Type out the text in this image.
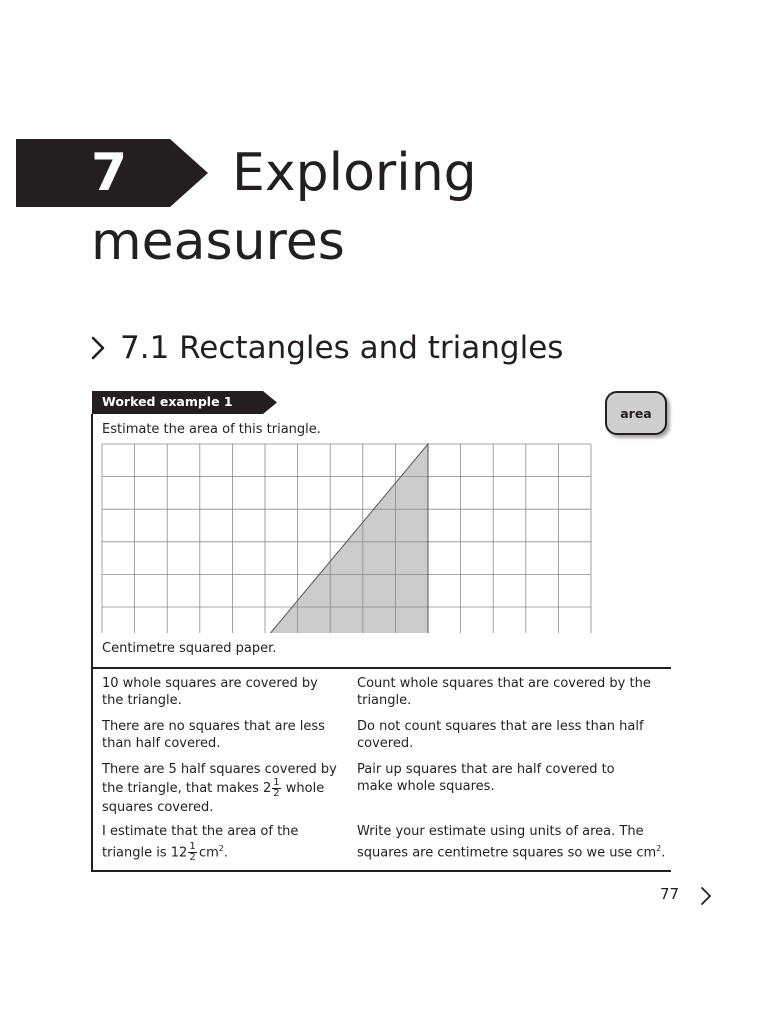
7 Exploring
measures
7.1 Rectangles and triangles
Worked example 1
area
Estimate the area of this triangle.
Centimetre squared paper.
10 whole squares are covered by the triangle.
Count whole squares that are covered by the triangle.
There are no squares that are less than half covered.
Do not count squares that are less than half covered.
There are 5 half squares covered by the triangle, that makes $2 \frac{1}{2}$ whole squares covered.
Pair up squares that are half covered to make whole squares.
I estimate that the area of the triangle is $12 \frac{1}{2}$
  $cm^2$.
Write your estimate using units of area. The squares are centimetre squares so we use $cm^2$.
77
